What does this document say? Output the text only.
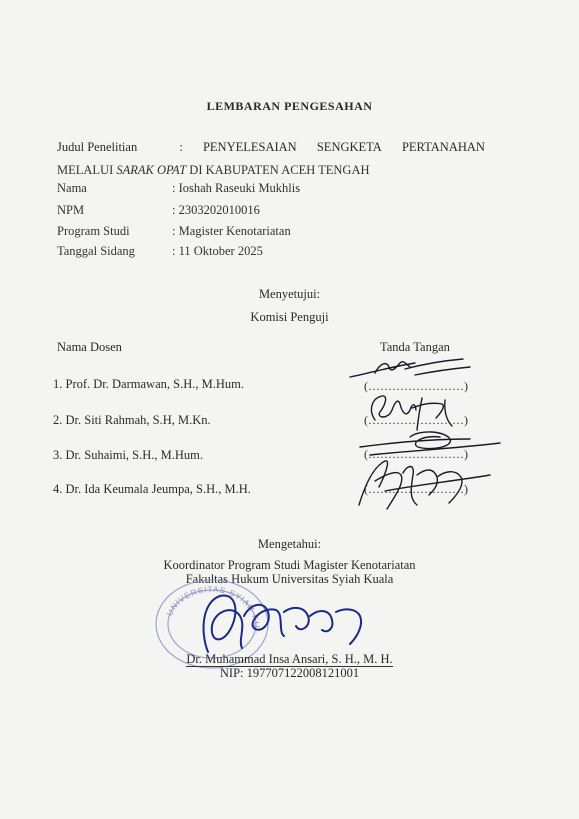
LEMBARAN PENGESAHAN
Judul Penelitian	: PENYELESAIAN SENGKETA PERTANAHAN
MELALUI SARAK OPAT DI KABUPATEN ACEH TENGAH
Nama	: Ioshah Raseuki Mukhlis
NPM	: 2303202010016
Program Studi	: Magister Kenotariatan
Tanggal Sidang	: 11 Oktober 2025
Menyetujui:
Komisi Penguji
Nama Dosen	Tanda Tangan
1. Prof. Dr. Darmawan, S.H., M.Hum.	(……………………)
2. Dr. Siti Rahmah, S.H, M.Kn.	(……………………)
3. Dr. Suhaimi, S.H., M.Hum.	(……………………)
4. Dr. Ida Keumala Jeumpa, S.H., M.H.	(……………………)
Mengetahui:
Koordinator Program Studi Magister Kenotariatan
Fakultas Hukum Universitas Syiah Kuala
UNIVERSITAS SYIAH KUALA
Dr. Muhammad Insa Ansari, S. H., M. H.
NIP: 197707122008121001
